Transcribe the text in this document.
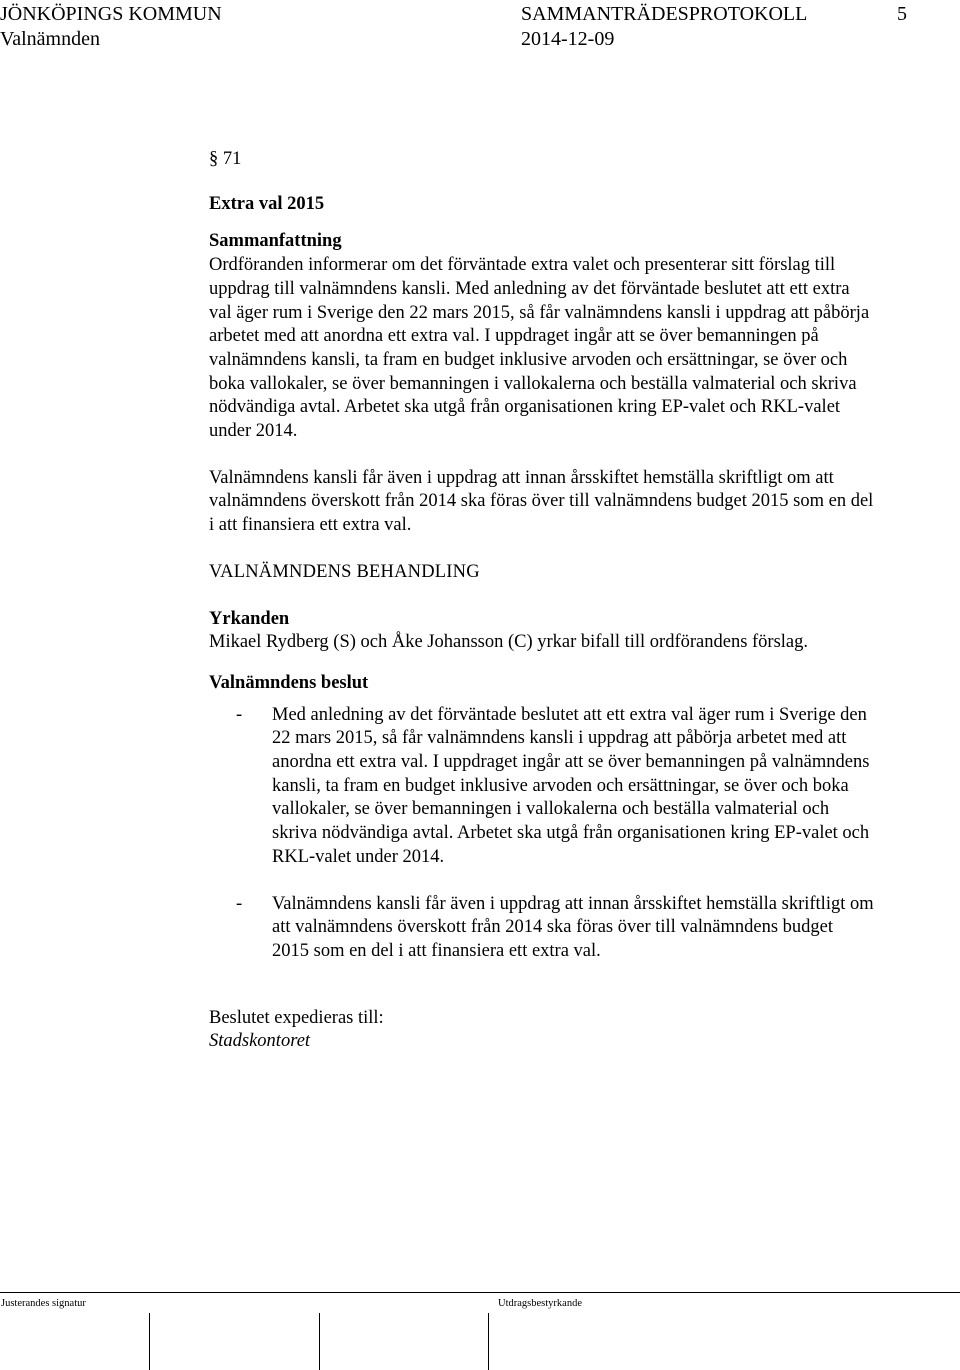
JÖNKÖPINGS KOMMUN	SAMMANTRÄDESPROTOKOLL	5
Valnämnden	2014-12-09

§ 71

Extra val 2015

Sammanfattning

Ordföranden informerar om det förväntade extra valet och presenterar sitt förslag till uppdrag till valnämndens kansli. Med anledning av det förväntade beslutet att ett extra val äger rum i Sverige den 22 mars 2015, så får valnämndens kansli i uppdrag att påbörja arbetet med att anordna ett extra val. I uppdraget ingår att se över bemanningen på valnämndens kansli, ta fram en budget inklusive arvoden och ersättningar, se över och boka vallokaler, se över bemanningen i vallokalerna och beställa valmaterial och skriva nödvändiga avtal. Arbetet ska utgå från organisationen kring EP-valet och RKL-valet under 2014.

Valnämndens kansli får även i uppdrag att innan årsskiftet hemställa skriftligt om att valnämndens överskott från 2014 ska föras över till valnämndens budget 2015 som en del i att finansiera ett extra val.

VALNÄMNDENS BEHANDLING

Yrkanden

Mikael Rydberg (S) och Åke Johansson (C) yrkar bifall till ordförandens förslag.

Valnämndens beslut

- Med anledning av det förväntade beslutet att ett extra val äger rum i Sverige den 22 mars 2015, så får valnämndens kansli i uppdrag att påbörja arbetet med att anordna ett extra val. I uppdraget ingår att se över bemanningen på valnämndens kansli, ta fram en budget inklusive arvoden och ersättningar, se över och boka vallokaler, se över bemanningen i vallokalerna och beställa valmaterial och skriva nödvändiga avtal. Arbetet ska utgå från organisationen kring EP-valet och RKL-valet under 2014.
- Valnämndens kansli får även i uppdrag att innan årsskiftet hemställa skriftligt om att valnämndens överskott från 2014 ska föras över till valnämndens budget 2015 som en del i att finansiera ett extra val.

Beslutet expedieras till:

Stadskontoret

Justerandes signatur	Utdragsbestyrkande
